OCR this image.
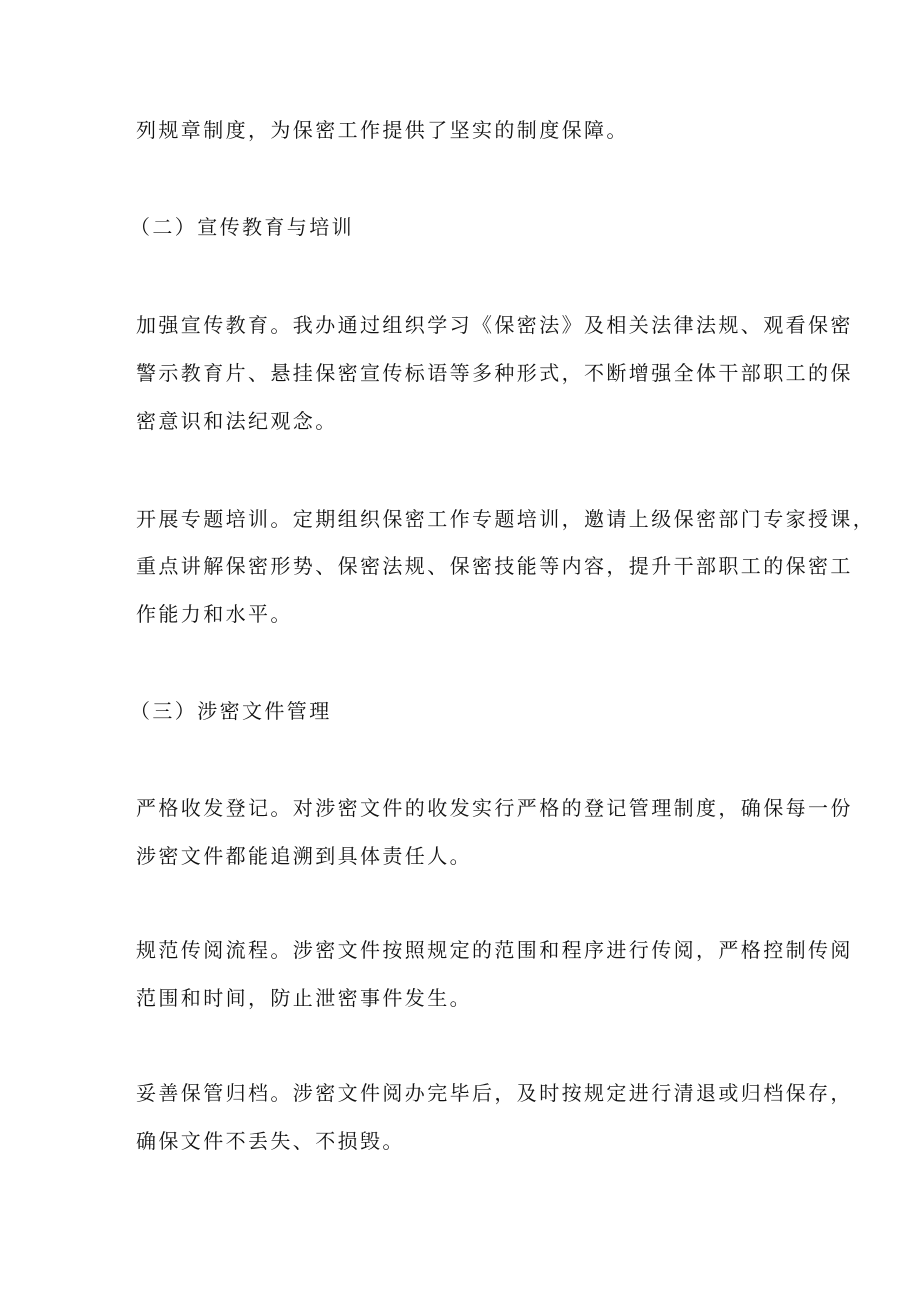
列规章制度，为保密工作提供了坚实的制度保障。

（二）宣传教育与培训

加强宣传教育。我办通过组织学习《保密法》及相关法律法规、观看保密

警示教育片、悬挂保密宣传标语等多种形式，不断增强全体干部职工的保

密意识和法纪观念。

开展专题培训。定期组织保密工作专题培训，邀请上级保密部门专家授课，

重点讲解保密形势、保密法规、保密技能等内容，提升干部职工的保密工

作能力和水平。

（三）涉密文件管理

严格收发登记。对涉密文件的收发实行严格的登记管理制度，确保每一份

涉密文件都能追溯到具体责任人。

规范传阅流程。涉密文件按照规定的范围和程序进行传阅，严格控制传阅

范围和时间，防止泄密事件发生。

妥善保管归档。涉密文件阅办完毕后，及时按规定进行清退或归档保存，

确保文件不丢失、不损毁。
